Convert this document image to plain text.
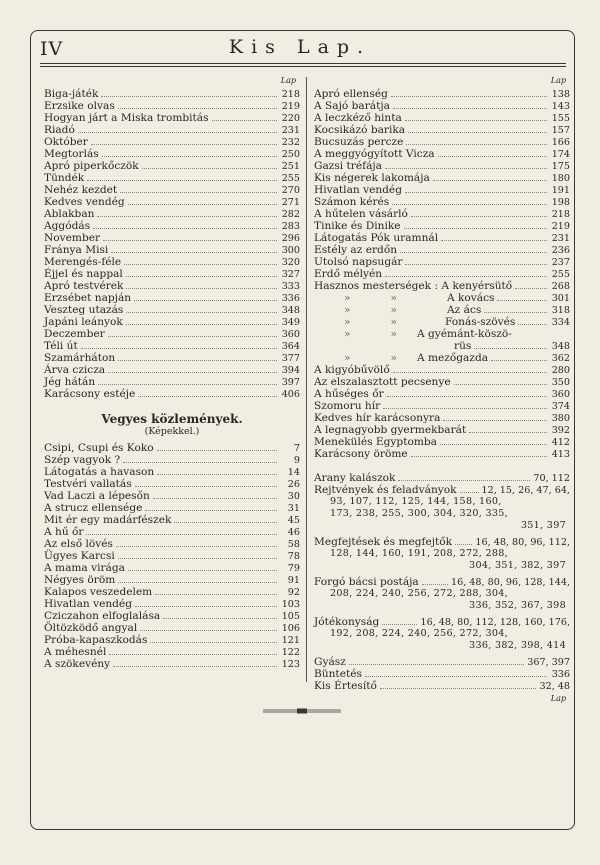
IV	Kis Lap.
Lap
Biga-játék	218
Erzsike olvas	219
Hogyan járt a Miska trombitás	220
Riadó	231
Október	232
Megtorlás	250
Apró piperkőczök	251
Tündék	255
Nehéz kezdet	270
Kedves vendég	271
Ablakban	282
Aggódás	283
November	296
Fránya Misi	300
Merengés-féle	320
Éjjel és nappal	327
Apró testvérek	333
Erzsébet napján	336
Veszteg utazás	348
Japáni leányok	349
Deczember	360
Téli út	364
Szamárháton	377
Árva czicza	394
Jég hátán	397
Karácsony estéje	406
Vegyes közlemények.
(Képekkel.)
Csipi, Csupi és Koko	7
Szép vagyok ?	9
Látogatás a havason	14
Testvéri vallatás	26
Vad Laczi a lépesőn	30
A strucz ellensége	31
Mit ér egy madárfészek	45
A hű őr	46
Az első lövés	58
Ügyes Karcsi	78
A mama virága	79
Négyes öröm	91
Kalapos veszedelem	92
Hivatlan vendég	103
Cziczahon elfoglalása	105
Öltözködő angyal	106
Próba-kapaszkodás	121
A méhesnél	122
A szökevény	123
Lap
Apró ellenség	138
A Sajó barátja	143
A leczkéző hinta	155
Kocsikázó barika	157
Bucsuzás percze	166
A meggyógyított Vicza	174
Gazsi tréfája	175
Kis négerek lakomája	180
Hivatlan vendég	191
Számon kérés	198
A hűtelen vásárló	218
Tinike és Dinike	219
Látogatás Pók uramnál	231
Estély az erdőn	236
Utolsó napsugár	237
Erdő mélyén	255
Hasznos mesterségek : A kenyérsütő	268
»	»	A kovács	301
»	»	Az ács	318
»	»	Fonás-szövés	334
»	» A gyémánt-köszö-
rüs	348
»	» A mezőgazda	362
A kigyóbűvölő	280
Az elszalasztott pecsenye	350
A hűséges őr	360
Szomoru hír	374
Kedves hír karácsonyra	380
A legnagyobb gyermekbarát	392
Menekülés Egyptomba	412
Karácsony öröme	413
Arany kalászok	70, 112
Rejtvények és feladványok	12, 15, 26, 47, 64,
93, 107, 112, 125, 144, 158, 160,
173, 238, 255, 300, 304, 320, 335,
351, 397
Megfejtések és megfejtők 16, 48, 80, 96, 112,
128, 144, 160, 191, 208, 272, 288,
304, 351, 382, 397
Forgó bácsi postája	16, 48, 80, 96, 128, 144,
208, 224, 240, 256, 272, 288, 304,
336, 352, 367, 398
Jótékonyság	16, 48, 80, 112, 128, 160, 176,
192, 208, 224, 240, 256, 272, 304,
336, 382, 398, 414
Gyász	367, 397
Büntetés	336
Kis Értesítő	32, 48
Lap
